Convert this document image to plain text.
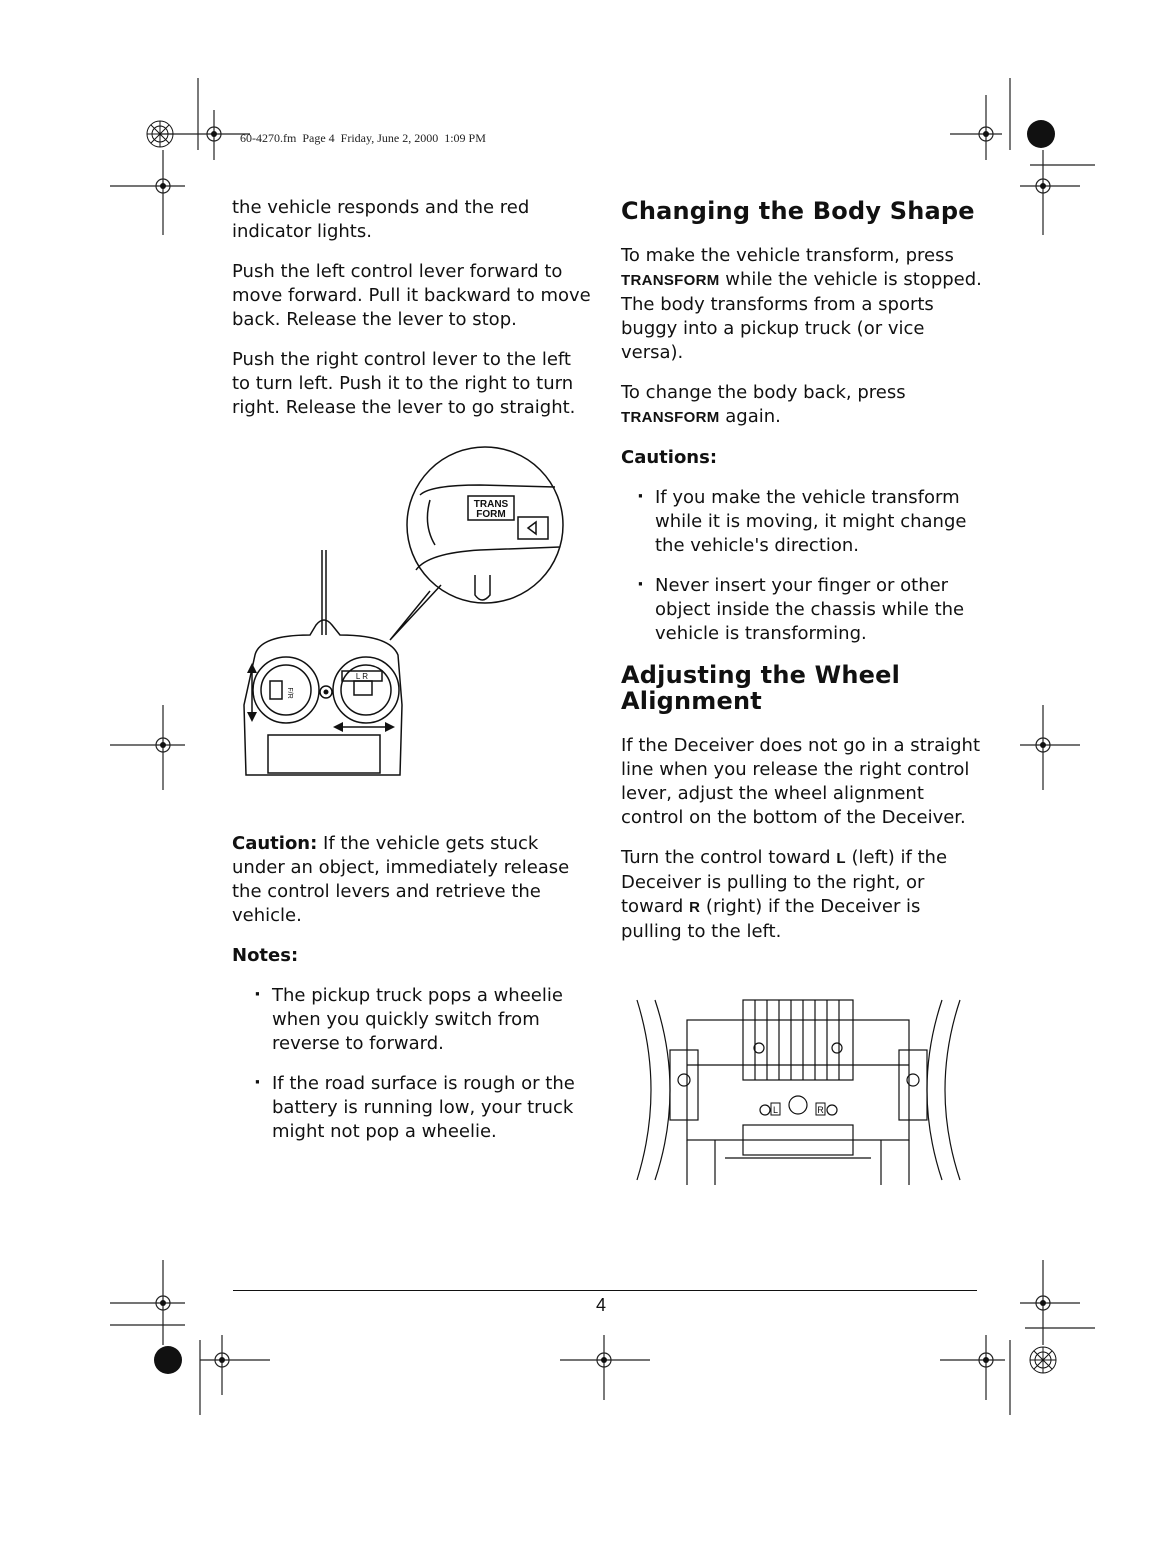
60-4270.fm  Page 4  Friday, June 2, 2000  1:09 PM

the vehicle responds and the red indicator lights.

Push the left control lever forward to move forward. Pull it backward to move back. Release the lever to stop.

Push the right control lever to the left to turn left. Push it to the right to turn right. Release the lever to go straight.

TRANS
FORM
F/R
L R

Caution: If the vehicle gets stuck under an object, immediately release the control levers and retrieve the vehicle.

Notes:

· The pickup truck pops a wheelie when you quickly switch from reverse to forward.
· If the road surface is rough or the battery is running low, your truck might not pop a wheelie.
Changing the Body Shape

To make the vehicle transform, press TRANSFORM while the vehicle is stopped. The body transforms from a sports buggy into a pickup truck (or vice versa).

To change the body back, press TRANSFORM again.

Cautions:

· If you make the vehicle transform while it is moving, it might change the vehicle's direction.
· Never insert your finger or other object inside the chassis while the vehicle is transforming.
Adjusting the Wheel Alignment

If the Deceiver does not go in a straight line when you release the right control lever, adjust the wheel alignment control on the bottom of the Deceiver.

Turn the control toward L (left) if the Deceiver is pulling to the right, or toward R (right) if the Deceiver is pulling to the left.

L	R
4
